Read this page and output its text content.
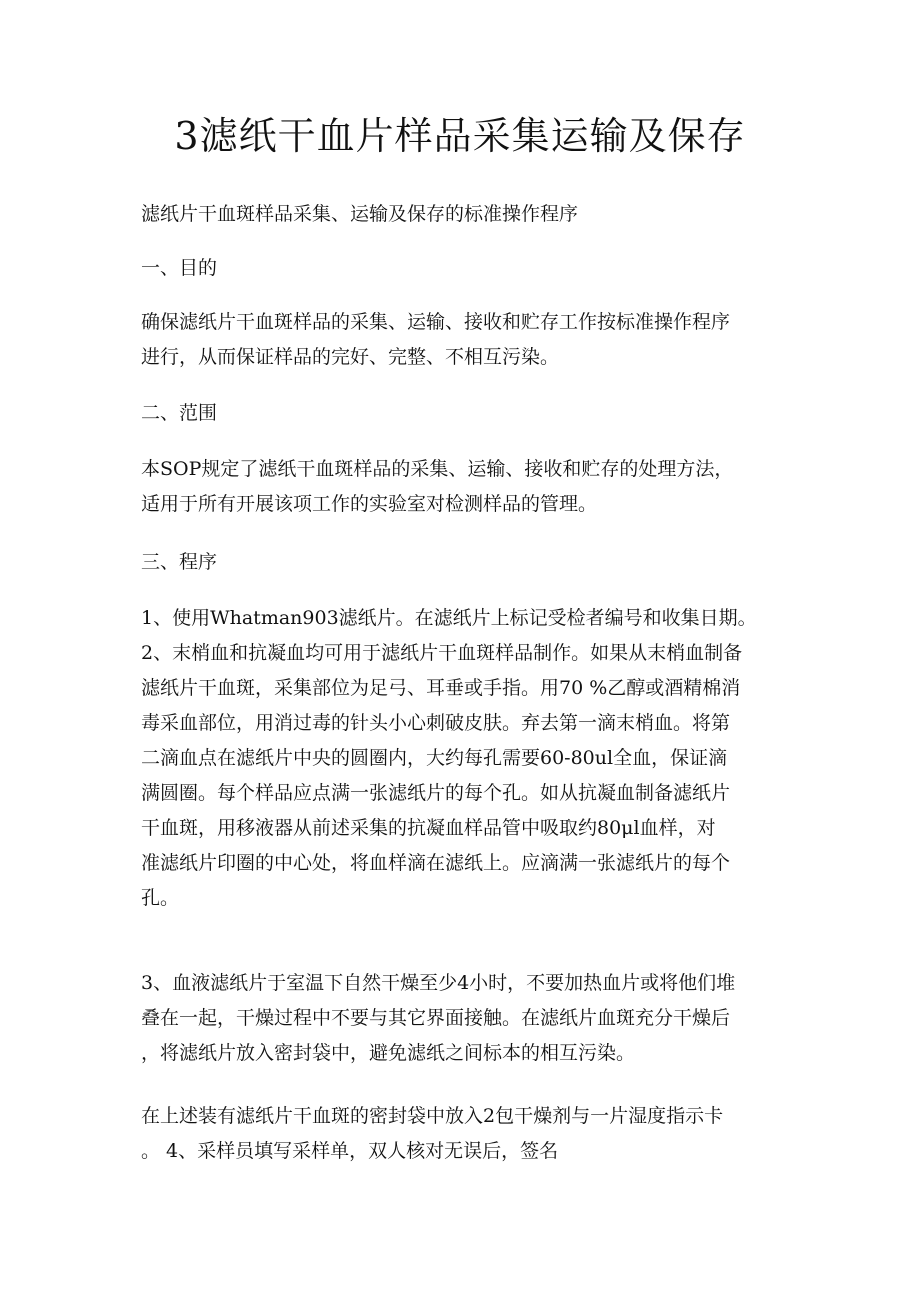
3滤纸干血片样品采集运输及保存

滤纸片干血斑样品采集、运输及保存的标准操作程序

一、目的

确保滤纸片干血斑样品的采集、运输、接收和贮存工作按标准操作程序
进行，从而保证样品的完好、完整、不相互污染。

二、范围

本SOP规定了滤纸干血斑样品的采集、运输、接收和贮存的处理方法，
适用于所有开展该项工作的实验室对检测样品的管理。

三、程序

1、使用Whatman903滤纸片。在滤纸片上标记受检者编号和收集日期。
2、末梢血和抗凝血均可用于滤纸片干血斑样品制作。如果从末梢血制备
滤纸片干血斑，采集部位为足弓、耳垂或手指。用70 %乙醇或酒精棉消
毒采血部位，用消过毒的针头小心刺破皮肤。弃去第一滴末梢血。将第
二滴血点在滤纸片中央的圆圈内，大约每孔需要60-80ul全血，保证滴
满圆圈。每个样品应点满一张滤纸片的每个孔。如从抗凝血制备滤纸片
干血斑，用移液器从前述采集的抗凝血样品管中吸取约80μl血样，对
准滤纸片印圈的中心处，将血样滴在滤纸上。应滴满一张滤纸片的每个
孔。
3、血液滤纸片于室温下自然干燥至少4小时，不要加热血片或将他们堆
叠在一起，干燥过程中不要与其它界面接触。在滤纸片血斑充分干燥后
，将滤纸片放入密封袋中，避免滤纸之间标本的相互污染。
在上述装有滤纸片干血斑的密封袋中放入2包干燥剂与一片湿度指示卡
。 4、采样员填写采样单，双人核对无误后，签名
